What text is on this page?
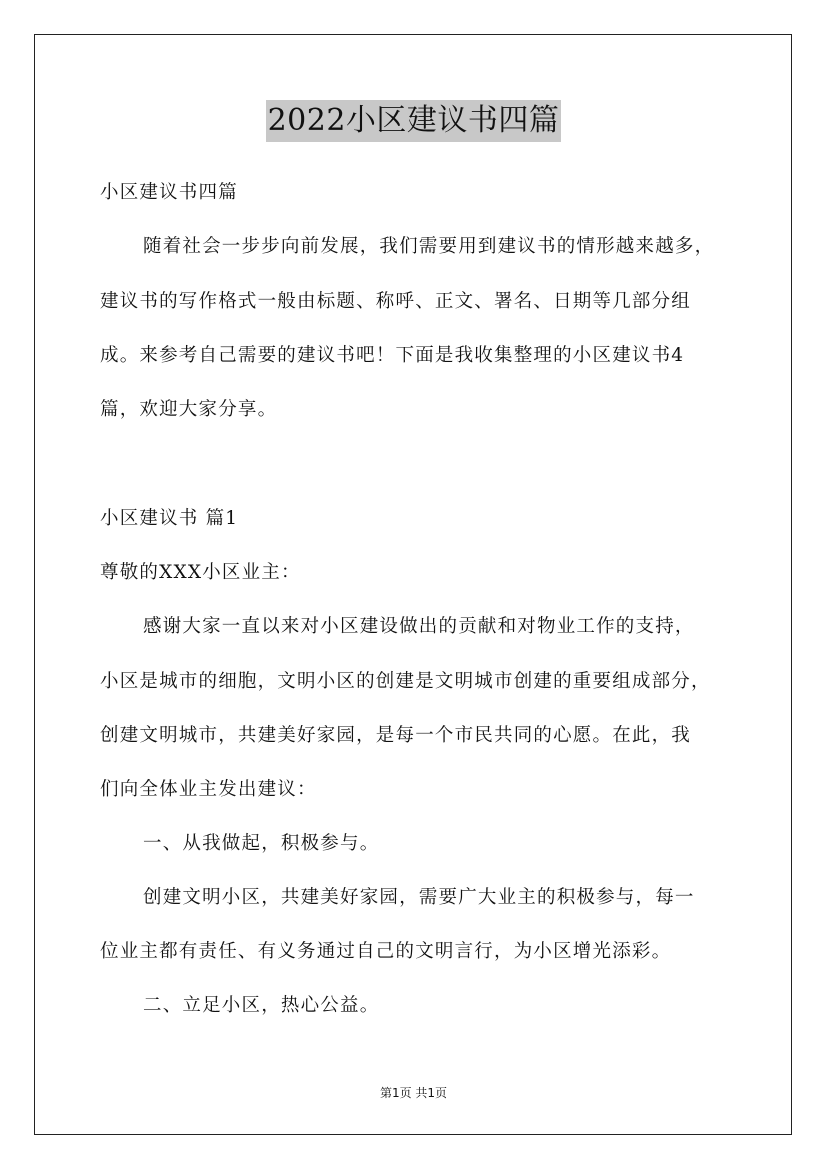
2022小区建议书四篇
小区建议书四篇
随着社会一步步向前发展，我们需要用到建议书的情形越来越多，
建议书的写作格式一般由标题、称呼、正文、署名、日期等几部分组
成。来参考自己需要的建议书吧！下面是我收集整理的小区建议书4
篇，欢迎大家分享。
小区建议书 篇1
尊敬的XXX小区业主：
感谢大家一直以来对小区建设做出的贡献和对物业工作的支持，
小区是城市的细胞，文明小区的创建是文明城市创建的重要组成部分，
创建文明城市，共建美好家园，是每一个市民共同的心愿。在此，我
们向全体业主发出建议：
一、从我做起，积极参与。
创建文明小区，共建美好家园，需要广大业主的积极参与，每一
位业主都有责任、有义务通过自己的文明言行，为小区增光添彩。
二、立足小区，热心公益。
第1页 共1页
